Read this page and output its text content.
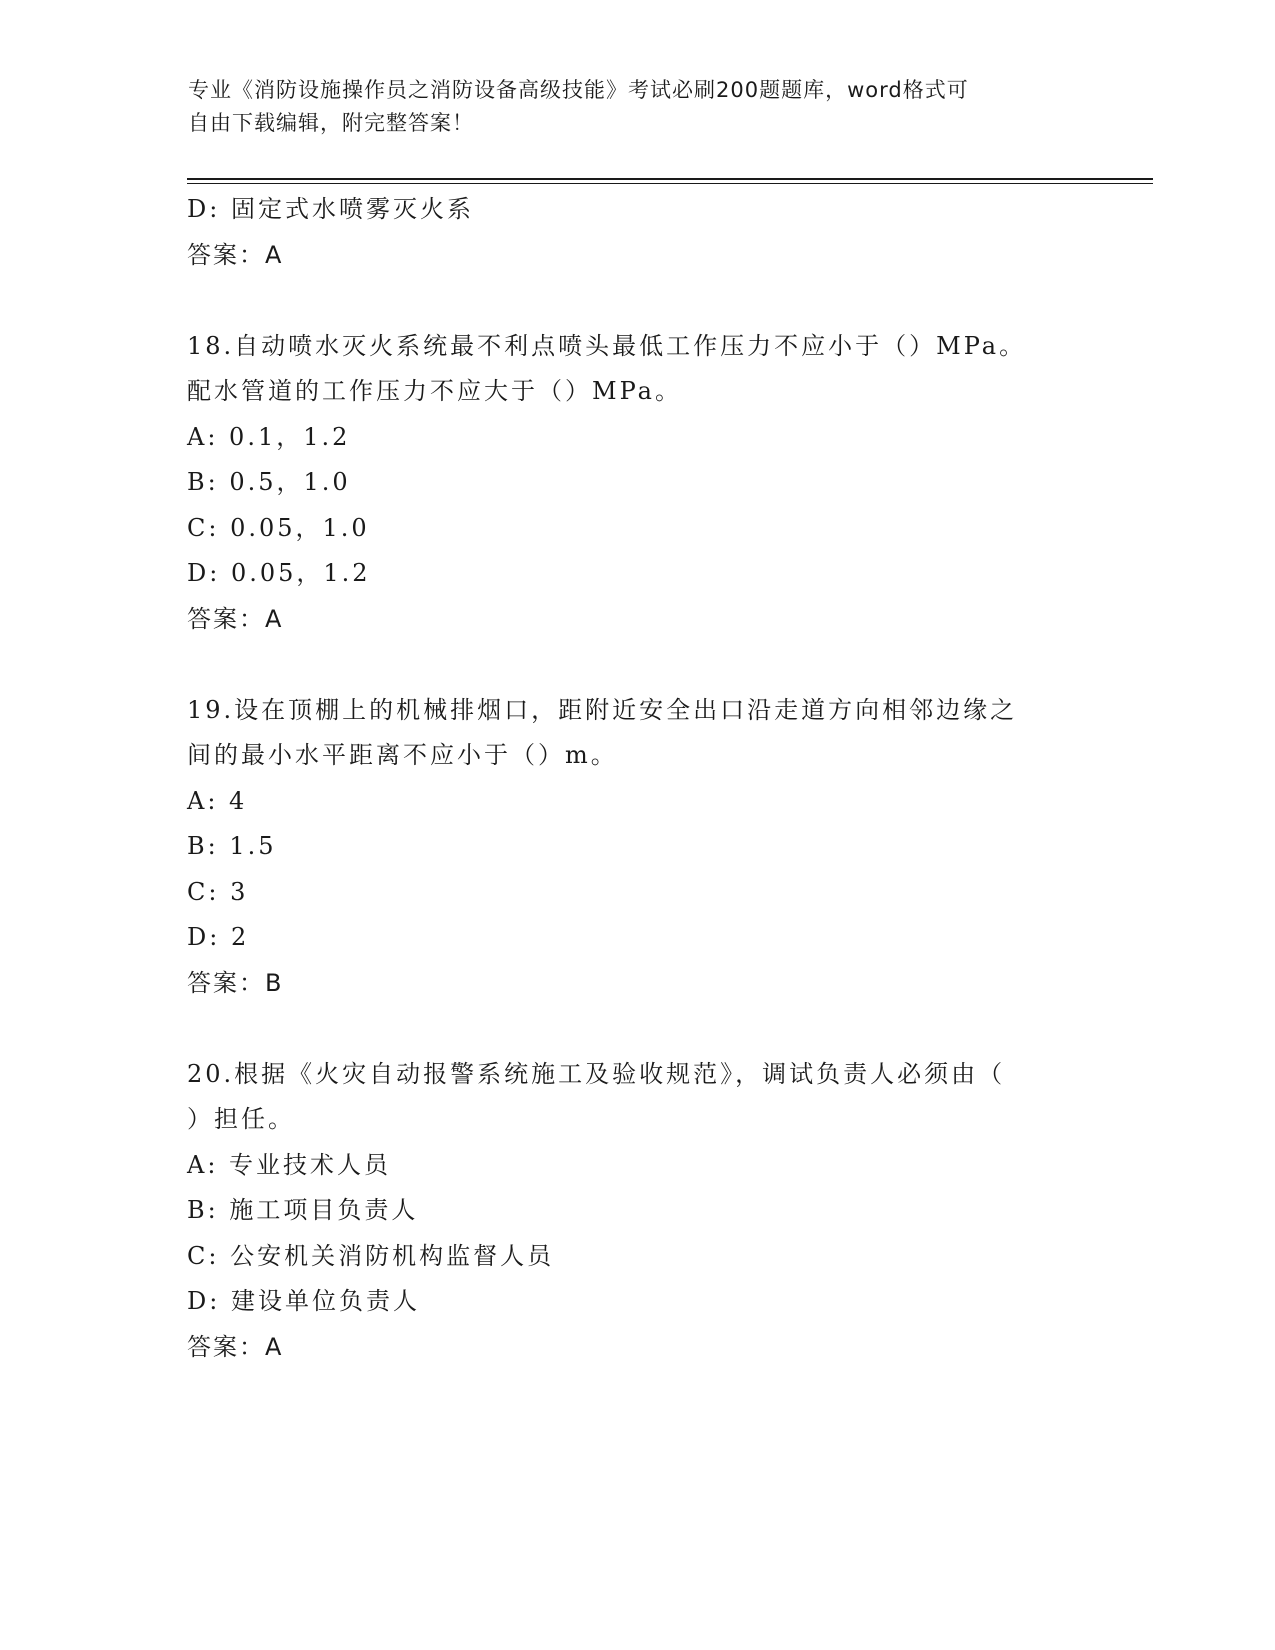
专业《消防设施操作员之消防设备高级技能》考试必刷200题题库，word格式可
自由下载编辑，附完整答案！
D: 固定式水喷雾灭火系
答案：A
18.自动喷水灭火系统最不利点喷头最低工作压力不应小于（）MPa。
配水管道的工作压力不应大于（）MPa。
A: 0.1，1.2
B: 0.5，1.0
C: 0.05，1.0
D: 0.05，1.2
答案：A
19.设在顶棚上的机械排烟口，距附近安全出口沿走道方向相邻边缘之
间的最小水平距离不应小于（）m。
A: 4
B: 1.5
C: 3
D: 2
答案：B
20.根据《火灾自动报警系统施工及验收规范》，调试负责人必须由（
）担任。
A: 专业技术人员
B: 施工项目负责人
C: 公安机关消防机构监督人员
D: 建设单位负责人
答案：A
